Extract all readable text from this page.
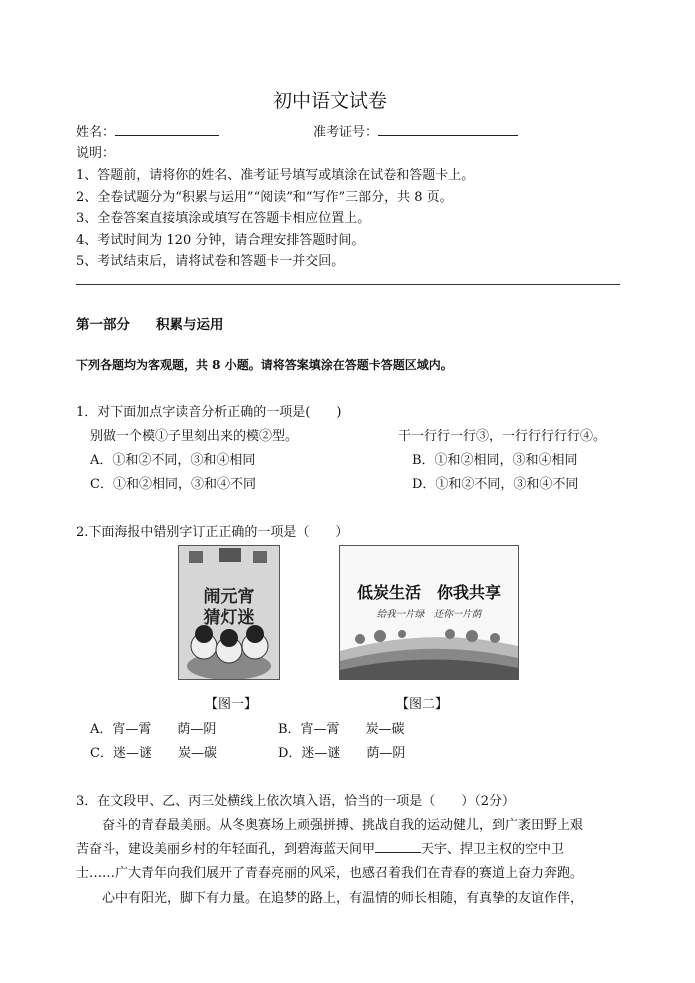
初中语文试卷
姓名：	准考证号：
说明：
1、答题前，请将你的姓名、准考证号填写或填涂在试卷和答题卡上。
2、全卷试题分为“积累与运用”“阅读”和“写作”三部分，共 8 页。
3、全卷答案直接填涂或填写在答题卡相应位置上。
4、考试时间为 120 分钟，请合理安排答题时间。
5、考试结束后，请将试卷和答题卡一并交回。
第一部分 积累与运用
下列各题均为客观题，共 8 小题。请将答案填涂在答题卡答题区域内。
1．对下面加点字读音分析正确的一项是(　　)
别做一个模①子里刻出来的模②型。	干一行行一行③，一行行行行行④。
A．①和②不同，③和④相同	B．①和②相同，③和④相同
C．①和②相同，③和④不同	D．①和②不同，③和④不同
2.下面海报中错别字订正正确的一项是（　　）
闹元宵
猜灯迷
低炭生活　你我共享
给我一片绿　还你一片荫
【图一】	【图二】
A．宵—霄　　荫—阴	B．宵—霄　　炭—碳
C．迷—谜　　炭—碳	D．迷—谜　　荫—阴
3．在文段甲、乙、丙三处横线上依次填入语，恰当的一项是（　　）（2分）
奋斗的青春最美丽。从冬奥赛场上顽强拼搏、挑战自我的运动健儿，到广袤田野上艰
苦奋斗，建设美丽乡村的年轻面孔，到碧海蓝天间甲	天宇、捍卫主权的空中卫
士……广大青年向我们展开了青春亮丽的风采，也感召着我们在青春的赛道上奋力奔跑。
心中有阳光，脚下有力量。在追梦的路上，有温情的师长相随，有真挚的友谊作伴，
